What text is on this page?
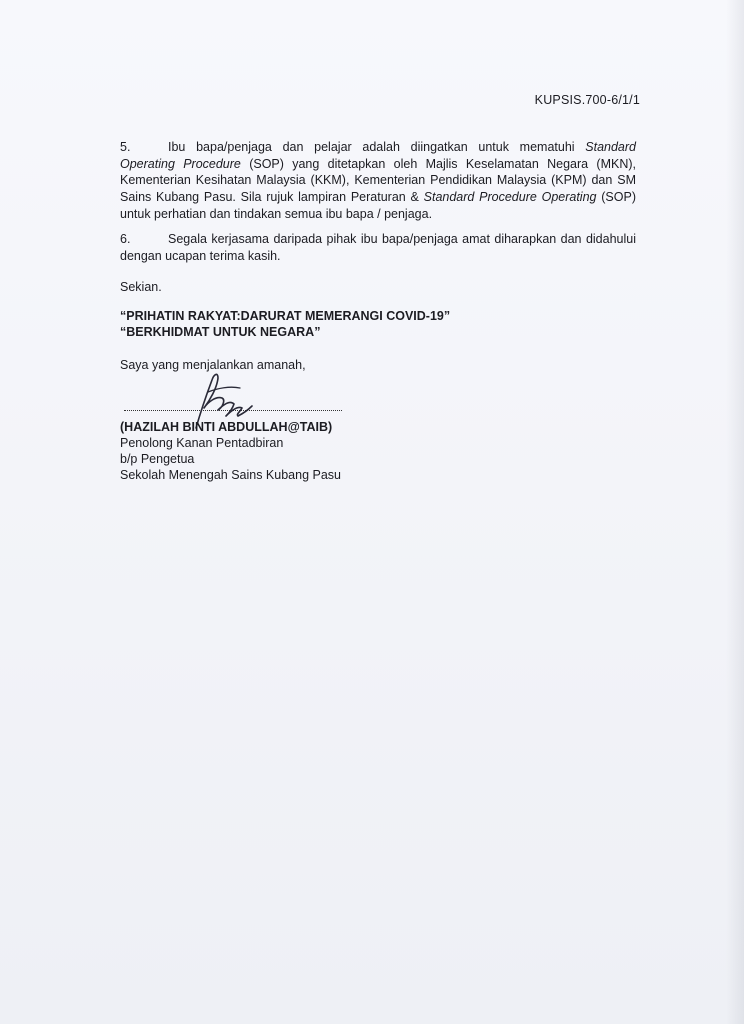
KUPSIS.700-6/1/1
5.	Ibu bapa/penjaga dan pelajar adalah diingatkan untuk mematuhi Standard Operating Procedure (SOP) yang ditetapkan oleh Majlis Keselamatan Negara (MKN), Kementerian Kesihatan Malaysia (KKM), Kementerian Pendidikan Malaysia (KPM) dan SM Sains Kubang Pasu. Sila rujuk lampiran Peraturan & Standard Procedure Operating (SOP) untuk perhatian dan tindakan semua ibu bapa / penjaga.
6.	Segala kerjasama daripada pihak ibu bapa/penjaga amat diharapkan dan didahului dengan ucapan terima kasih.
Sekian.
“PRIHATIN RAKYAT:DARURAT MEMERANGI COVID-19”
“BERKHIDMAT UNTUK NEGARA”
Saya yang menjalankan amanah,
(HAZILAH BINTI ABDULLAH@TAIB)
Penolong Kanan Pentadbiran
b/p Pengetua
Sekolah Menengah Sains Kubang Pasu
